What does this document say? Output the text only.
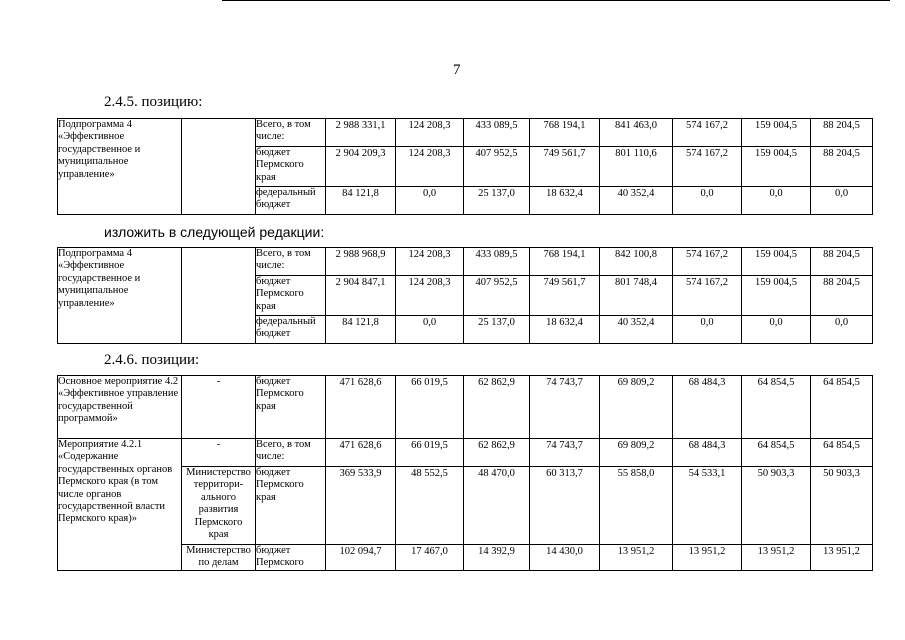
7
2.4.5. позицию:
Подпрограмма 4 «Эффективное государственное и муниципальное управление»		Всего, в том числе:	2 988 331,1	124 208,3	433 089,5	768 194,1	841 463,0	574 167,2	159 004,5	88 204,5
		бюджет Пермского края	2 904 209,3	124 208,3	407 952,5	749 561,7	801 110,6	574 167,2	159 004,5	88 204,5
		федеральный бюджет	84 121,8	0,0	25 137,0	18 632,4	40 352,4	0,0	0,0	0,0
изложить в следующей редакции:
Подпрограмма 4 «Эффективное государственное и муниципальное управление»		Всего, в том числе:	2 988 968,9	124 208,3	433 089,5	768 194,1	842 100,8	574 167,2	159 004,5	88 204,5
		бюджет Пермского края	2 904 847,1	124 208,3	407 952,5	749 561,7	801 748,4	574 167,2	159 004,5	88 204,5
		федеральный бюджет	84 121,8	0,0	25 137,0	18 632,4	40 352,4	0,0	0,0	0,0
2.4.6. позиции:
Основное мероприятие 4.2 «Эффективное управление государственной программой»	-	бюджет Пермского края	471 628,6	66 019,5	62 862,9	74 743,7	69 809,2	68 484,3	64 854,5	64 854,5
Мероприятие 4.2.1 «Содержание государственных органов Пермского края (в том числе органов государственной власти Пермского края)»	-	Всего, в том числе:	471 628,6	66 019,5	62 862,9	74 743,7	69 809,2	68 484,3	64 854,5	64 854,5
	Министерство территори-ального развития Пермского края	бюджет Пермского края	369 533,9	48 552,5	48 470,0	60 313,7	55 858,0	54 533,1	50 903,3	50 903,3
	Министерство по делам	бюджет Пермского	102 094,7	17 467,0	14 392,9	14 430,0	13 951,2	13 951,2	13 951,2	13 951,2
